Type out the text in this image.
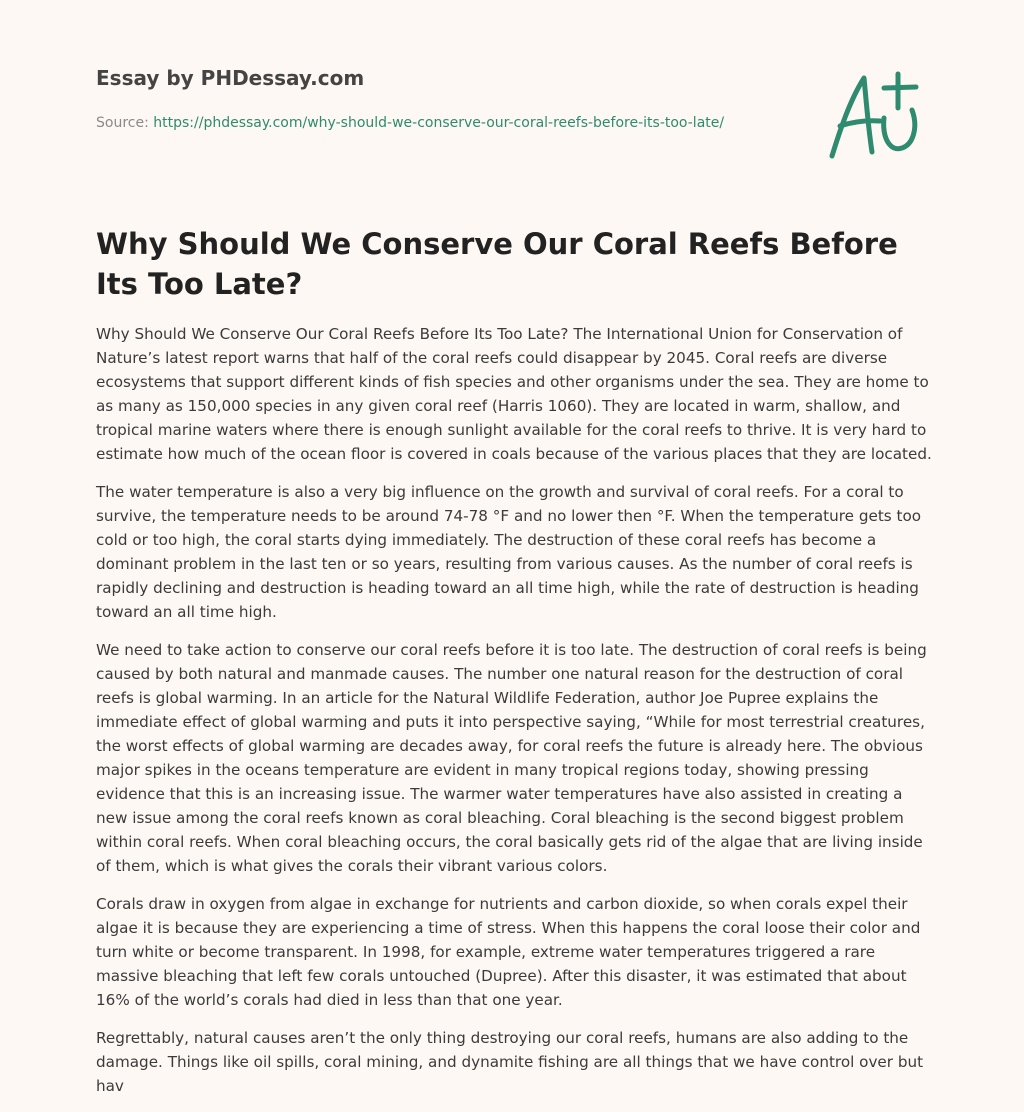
Essay by PHDessay.com
Source: https://phdessay.com/why-should-we-conserve-our-coral-reefs-before-its-too-late/
Why Should We Conserve Our Coral Reefs Before Its Too Late?

Why Should We Conserve Our Coral Reefs Before Its Too Late? The International Union for Conservation of Nature’s latest report warns that half of the coral reefs could disappear by 2045. Coral reefs are diverse ecosystems that support different kinds of fish species and other organisms under the sea. They are home to as many as 150,000 species in any given coral reef (Harris 1060). They are located in warm, shallow, and tropical marine waters where there is enough sunlight available for the coral reefs to thrive. It is very hard to estimate how much of the ocean floor is covered in coals because of the various places that they are located.

The water temperature is also a very big influence on the growth and survival of coral reefs. For a coral to survive, the temperature needs to be around 74-78 °F and no lower then °F. When the temperature gets too cold or too high, the coral starts dying immediately. The destruction of these coral reefs has become a dominant problem in the last ten or so years, resulting from various causes. As the number of coral reefs is rapidly declining and destruction is heading toward an all time high, while the rate of destruction is heading toward an all time high.

We need to take action to conserve our coral reefs before it is too late. The destruction of coral reefs is being caused by both natural and manmade causes. The number one natural reason for the destruction of coral reefs is global warming. In an article for the Natural Wildlife Federation, author Joe Pupree explains the immediate effect of global warming and puts it into perspective saying, “While for most terrestrial creatures, the worst effects of global warming are decades away, for coral reefs the future is already here. The obvious major spikes in the oceans temperature are evident in many tropical regions today, showing pressing evidence that this is an increasing issue. The warmer water temperatures have also assisted in creating a new issue among the coral reefs known as coral bleaching. Coral bleaching is the second biggest problem within coral reefs. When coral bleaching occurs, the coral basically gets rid of the algae that are living inside of them, which is what gives the corals their vibrant various colors.

Corals draw in oxygen from algae in exchange for nutrients and carbon dioxide, so when corals expel their algae it is because they are experiencing a time of stress. When this happens the coral loose their color and turn white or become transparent. In 1998, for example, extreme water temperatures triggered a rare massive bleaching that left few corals untouched (Dupree). After this disaster, it was estimated that about 16% of the world’s corals had died in less than that one year.

Regrettably, natural causes aren’t the only thing destroying our coral reefs, humans are also adding to the damage. Things like oil spills, coral mining, and dynamite fishing are all things that we have control over but hav
